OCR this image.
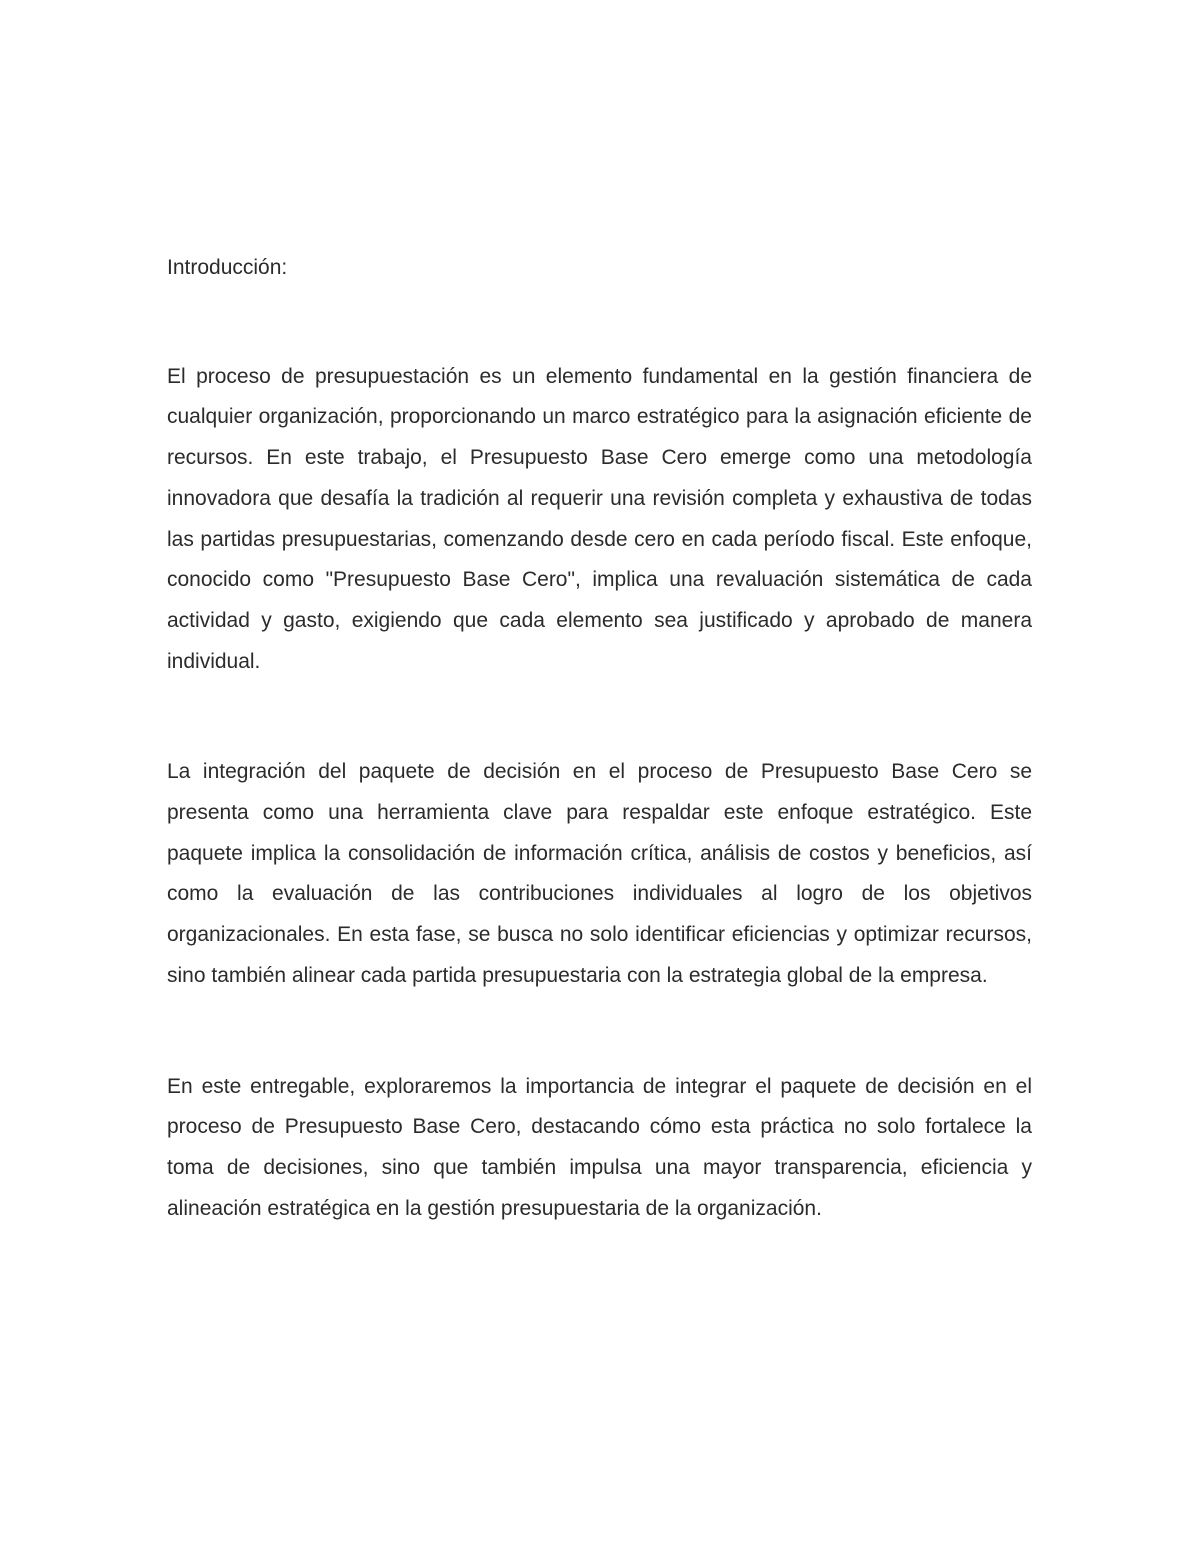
Introducción:

El proceso de presupuestación es un elemento fundamental en la gestión financiera de cualquier organización, proporcionando un marco estratégico para la asignación eficiente de recursos. En este trabajo, el Presupuesto Base Cero emerge como una metodología innovadora que desafía la tradición al requerir una revisión completa y exhaustiva de todas las partidas presupuestarias, comenzando desde cero en cada período fiscal. Este enfoque, conocido como "Presupuesto Base Cero", implica una revaluación sistemática de cada actividad y gasto, exigiendo que cada elemento sea justificado y aprobado de manera individual.

La integración del paquete de decisión en el proceso de Presupuesto Base Cero se presenta como una herramienta clave para respaldar este enfoque estratégico. Este paquete implica la consolidación de información crítica, análisis de costos y beneficios, así como la evaluación de las contribuciones individuales al logro de los objetivos organizacionales. En esta fase, se busca no solo identificar eficiencias y optimizar recursos, sino también alinear cada partida presupuestaria con la estrategia global de la empresa.

En este entregable, exploraremos la importancia de integrar el paquete de decisión en el proceso de Presupuesto Base Cero, destacando cómo esta práctica no solo fortalece la toma de decisiones, sino que también impulsa una mayor transparencia, eficiencia y alineación estratégica en la gestión presupuestaria de la organización.
